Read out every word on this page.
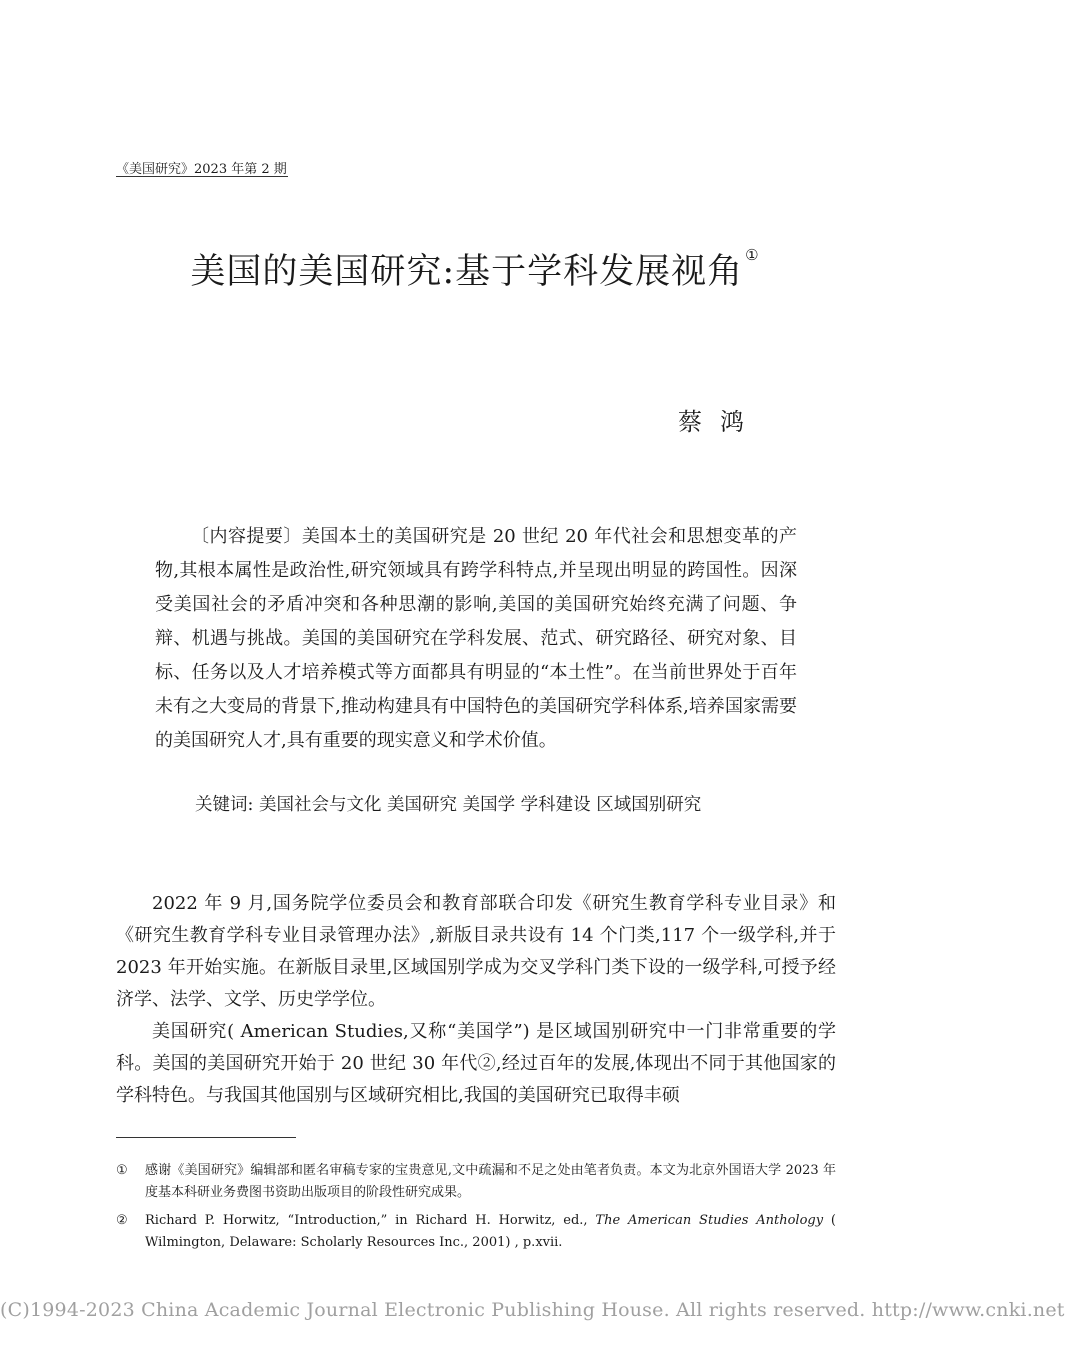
《美国研究》2023 年第 2 期
美国的美国研究:基于学科发展视角 ①
蔡鸿

〔内容提要〕美国本土的美国研究是 20 世纪 20 年代社会和思想变革的产物,其根本属性是政治性,研究领域具有跨学科特点,并呈现出明显的跨国性。因深受美国社会的矛盾冲突和各种思潮的影响,美国的美国研究始终充满了问题、争辩、机遇与挑战。美国的美国研究在学科发展、范式、研究路径、研究对象、目标、任务以及人才培养模式等方面都具有明显的“本土性”。在当前世界处于百年未有之大变局的背景下,推动构建具有中国特色的美国研究学科体系,培养国家需要的美国研究人才,具有重要的现实意义和学术价值。

关键词: 美国社会与文化 美国研究 美国学 学科建设 区域国别研究

2022 年 9 月,国务院学位委员会和教育部联合印发《研究生教育学科专业目录》和《研究生教育学科专业目录管理办法》,新版目录共设有 14 个门类,117 个一级学科,并于 2023 年开始实施。在新版目录里,区域国别学成为交叉学科门类下设的一级学科,可授予经济学、法学、文学、历史学学位。

美国研究( American Studies,又称“美国学”) 是区域国别研究中一门非常重要的学科。美国的美国研究开始于 20 世纪 30 年代②,经过百年的发展,体现出不同于其他国家的学科特色。与我国其他国别与区域研究相比,我国的美国研究已取得丰硕

①	感谢《美国研究》编辑部和匿名审稿专家的宝贵意见,文中疏漏和不足之处由笔者负责。本文为北京外国语大学 2023 年度基本科研业务费图书资助出版项目的阶段性研究成果。
②	Richard P. Horwitz, “Introduction,” in Richard H. Horwitz, ed., The American Studies Anthology ( Wilmington, Delaware: Scholarly Resources Inc., 2001) , p.xvii.
(C)1994-2023 China Academic Journal Electronic Publishing House. All rights reserved. http://www.cnki.net
